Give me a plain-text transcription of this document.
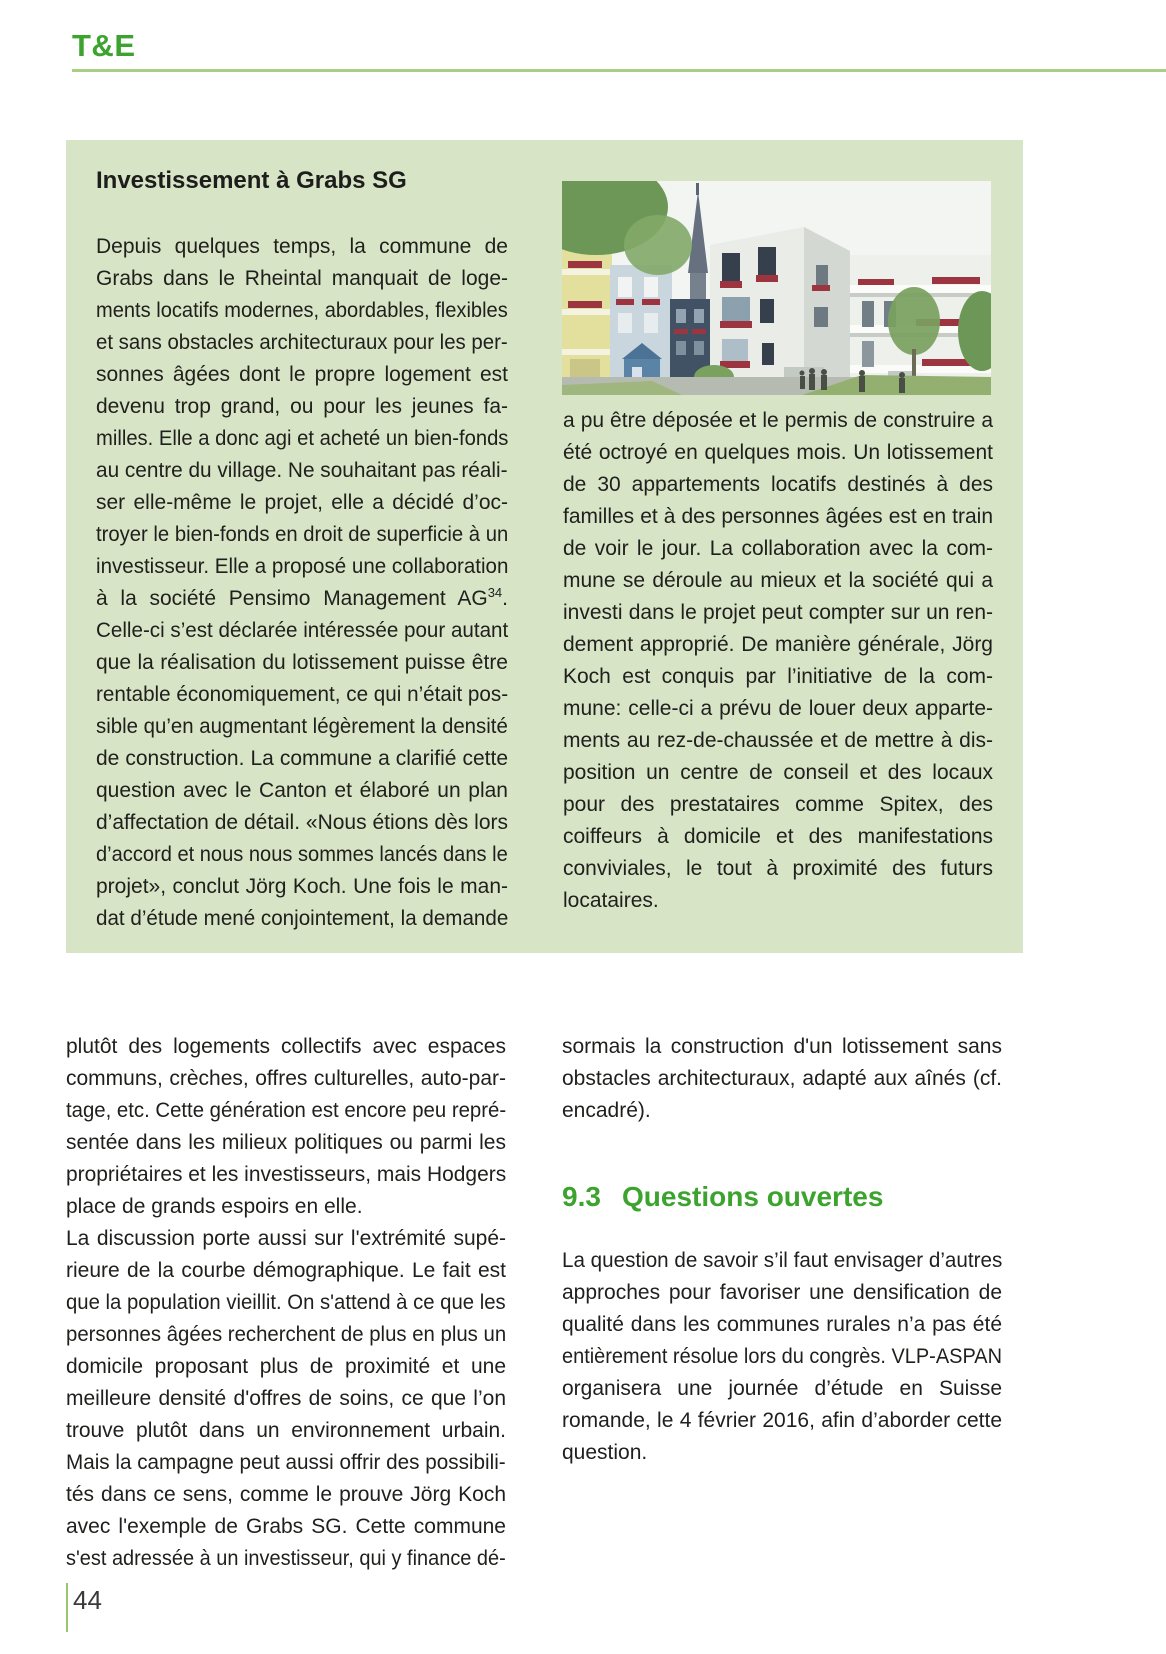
T&E
Investissement à Grabs SG
Depuis quelques temps, la commune de
Grabs dans le Rheintal manquait de loge-
ments locatifs modernes, abordables, flexibles
et sans obstacles architecturaux pour les per-
sonnes âgées dont le propre logement est
devenu trop grand, ou pour les jeunes fa-
milles. Elle a donc agi et acheté un bien-fonds
au centre du village. Ne souhaitant pas réali-
ser elle-même le projet, elle a décidé d’oc-
troyer le bien-fonds en droit de superficie à un
investisseur. Elle a proposé une collaboration
à la société Pensimo Management AG$^{34}$.
Celle-ci s’est déclarée intéressée pour autant
que la réalisation du lotissement puisse être
rentable économiquement, ce qui n’était pos-
sible qu’en augmentant légèrement la densité
de construction. La commune a clarifié cette
question avec le Canton et élaboré un plan
d’affectation de détail. «Nous étions dès lors
d’accord et nous nous sommes lancés dans le
projet», conclut Jörg Koch. Une fois le man-
dat d’étude mené conjointement, la demande
a pu être déposée et le permis de construire a
été octroyé en quelques mois. Un lotissement
de 30 appartements locatifs destinés à des
familles et à des personnes âgées est en train
de voir le jour. La collaboration avec la com-
mune se déroule au mieux et la société qui a
investi dans le projet peut compter sur un ren-
dement approprié. De manière générale, Jörg
Koch est conquis par l’initiative de la com-
mune: celle-ci a prévu de louer deux apparte-
ments au rez-de-chaussée et de mettre à dis-
position un centre de conseil et des locaux
pour des prestataires comme Spitex, des
coiffeurs à domicile et des manifestations
conviviales, le tout à proximité des futurs
locataires.
plutôt des logements collectifs avec espaces
communs, crèches, offres culturelles, auto-par-
tage, etc. Cette génération est encore peu repré-
sentée dans les milieux politiques ou parmi les
propriétaires et les investisseurs, mais Hodgers
place de grands espoirs en elle.
La discussion porte aussi sur l'extrémité supé-
rieure de la courbe démographique. Le fait est
que la population vieillit. On s'attend à ce que les
personnes âgées recherchent de plus en plus un
domicile proposant plus de proximité et une
meilleure densité d'offres de soins, ce que l’on
trouve plutôt dans un environnement urbain.
Mais la campagne peut aussi offrir des possibili-
tés dans ce sens, comme le prouve Jörg Koch
avec l'exemple de Grabs SG. Cette commune
s'est adressée à un investisseur, qui y finance dé-
sormais la construction d'un lotissement sans
obstacles architecturaux, adapté aux aînés (cf.
encadré).
9.3 Questions ouvertes
La question de savoir s’il faut envisager d’autres
approches pour favoriser une densification de
qualité dans les communes rurales n’a pas été
entièrement résolue lors du congrès. VLP-ASPAN
organisera une journée d’étude en Suisse
romande, le 4 février 2016, afin d’aborder cette
question.
44
